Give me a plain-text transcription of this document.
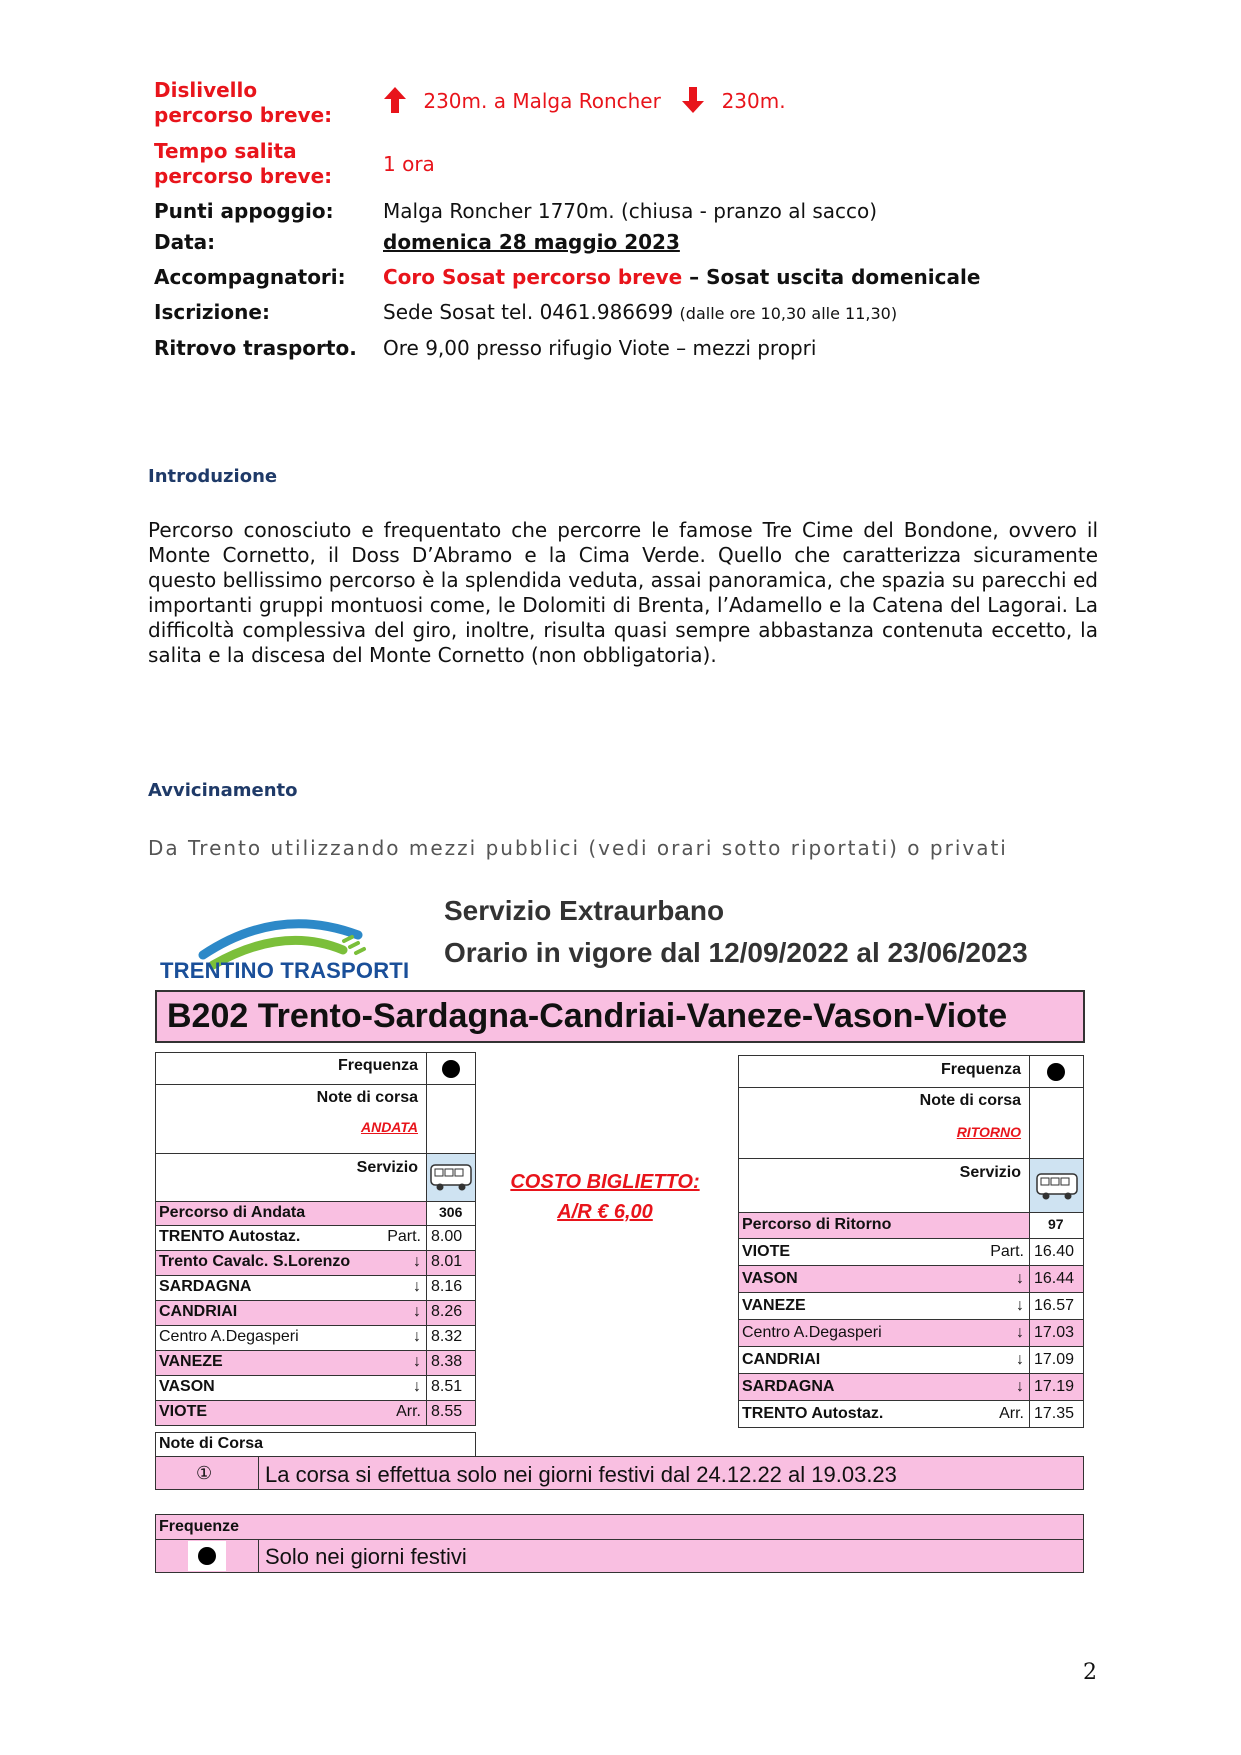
Dislivello percorso breve:
230m. a Malga Roncher	230m.
Tempo salita percorso breve:	1 ora
Punti appoggio:	Malga Roncher 1770m. (chiusa - pranzo al sacco)
Data:	domenica 28 maggio 2023
Accompagnatori:	Coro Sosat percorso breve – Sosat uscita domenicale
Iscrizione:	Sede Sosat tel. 0461.986699 (dalle ore 10,30 alle 11,30)
Ritrovo trasporto.	Ore 9,00 presso rifugio Viote – mezzi propri
Introduzione
Percorso conosciuto e frequentato che percorre le famose Tre Cime del Bondone, ovvero il Monte Cornetto, il Doss D’Abramo e la Cima Verde. Quello che caratterizza sicuramente questo bellissimo percorso è la splendida veduta, assai panoramica, che spazia su parecchi ed importanti gruppi montuosi come, le Dolomiti di Brenta, l’Adamello e la Catena del Lagorai. La difficoltà complessiva del giro, inoltre, risulta quasi sempre abbastanza contenuta eccetto, la salita e la discesa del Monte Cornetto (non obbligatoria).
Avvicinamento
Da Trento utilizzando mezzi pubblici (vedi orari sotto riportati) o privati
TRENTINO TRASPORTI
Servizio Extraurbano
Orario in vigore dal 12/09/2022 al 23/06/2023
B202 Trento-Sardagna-Candriai-Vaneze-Vason-Viote
Frequenza
Note di corsa
ANDATA
Servizio
Percorso di Andata	306
TRENTO Autostaz.	Part. 8.00
Trento Cavalc. S.Lorenzo	↓ 8.01
SARDAGNA	↓ 8.16
CANDRIAI	↓ 8.26
Centro A.Degasperi	↓ 8.32
VANEZE	↓ 8.38
VASON	↓ 8.51
VIOTE	Arr. 8.55
Note di Corsa
COSTO BIGLIETTO:
A/R € 6,00
Frequenza
Note di corsa
RITORNO
Servizio
Percorso di Ritorno	97
VIOTE	Part. 16.40
VASON	↓ 16.44
VANEZE	↓ 16.57
Centro A.Degasperi	↓ 17.03
CANDRIAI	↓ 17.09
SARDAGNA	↓ 17.19
TRENTO Autostaz.	Arr. 17.35
① La corsa si effettua solo nei giorni festivi dal 24.12.22 al 19.03.23
Frequenze
Solo nei giorni festivi
2
